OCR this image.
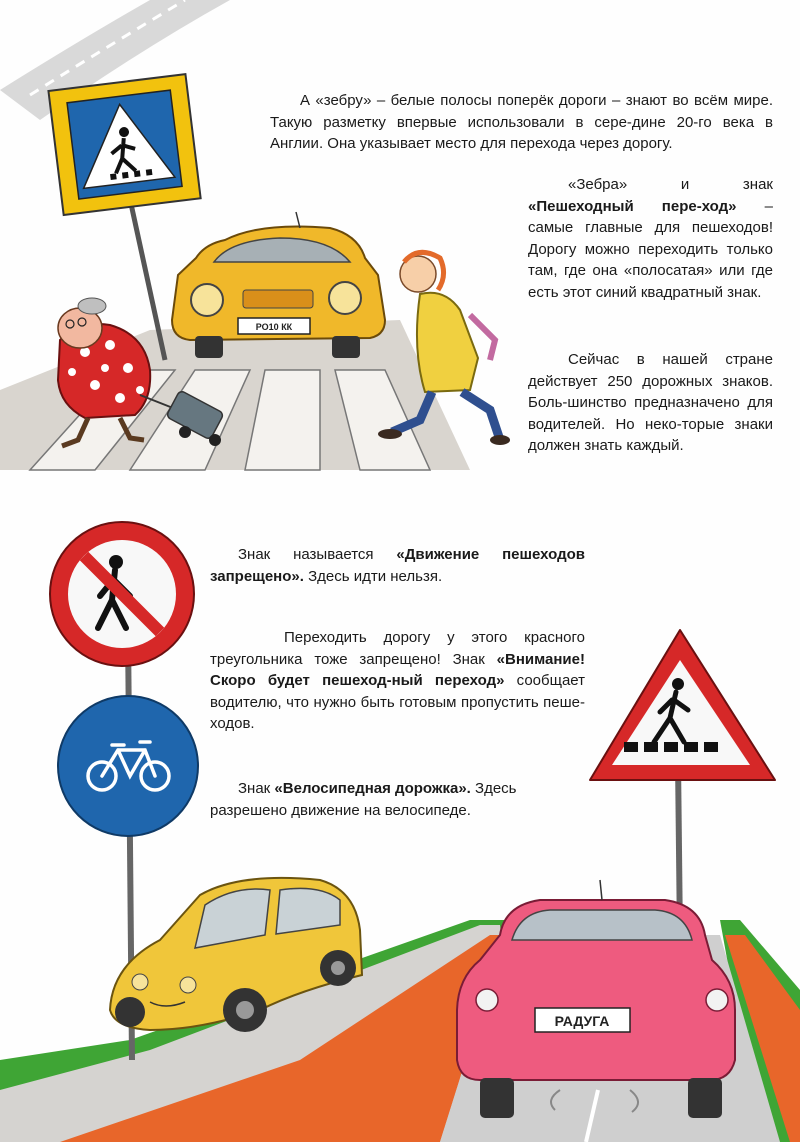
РО10 КК
РАДУГА

А «зебру» – белые полосы поперёк дороги – знают во всём мире. Такую разметку впервые использовали в сере-дине 20-го века в Англии. Она указывает место для перехода через дорогу.

«Зебра» и знак «Пешеходный пере-ход» – самые главные для пешеходов! Дорогу можно переходить только там, где она «полосатая» или где есть этот синий квадратный знак.

Сейчас в нашей стране действует 250 дорожных знаков. Боль-шинство предназначено для водителей. Но неко-торые знаки должен знать каждый.

Знак называется «Движение пешеходов запрещено». Здесь идти нельзя.

Переходить дорогу у этого красного треугольника тоже запрещено! Знак «Внимание! Скоро будет пешеход-ный переход» сообщает водителю, что нужно быть готовым пропустить пеше-ходов.

Знак «Велосипедная дорожка». Здесь разрешено движение на велосипеде.
